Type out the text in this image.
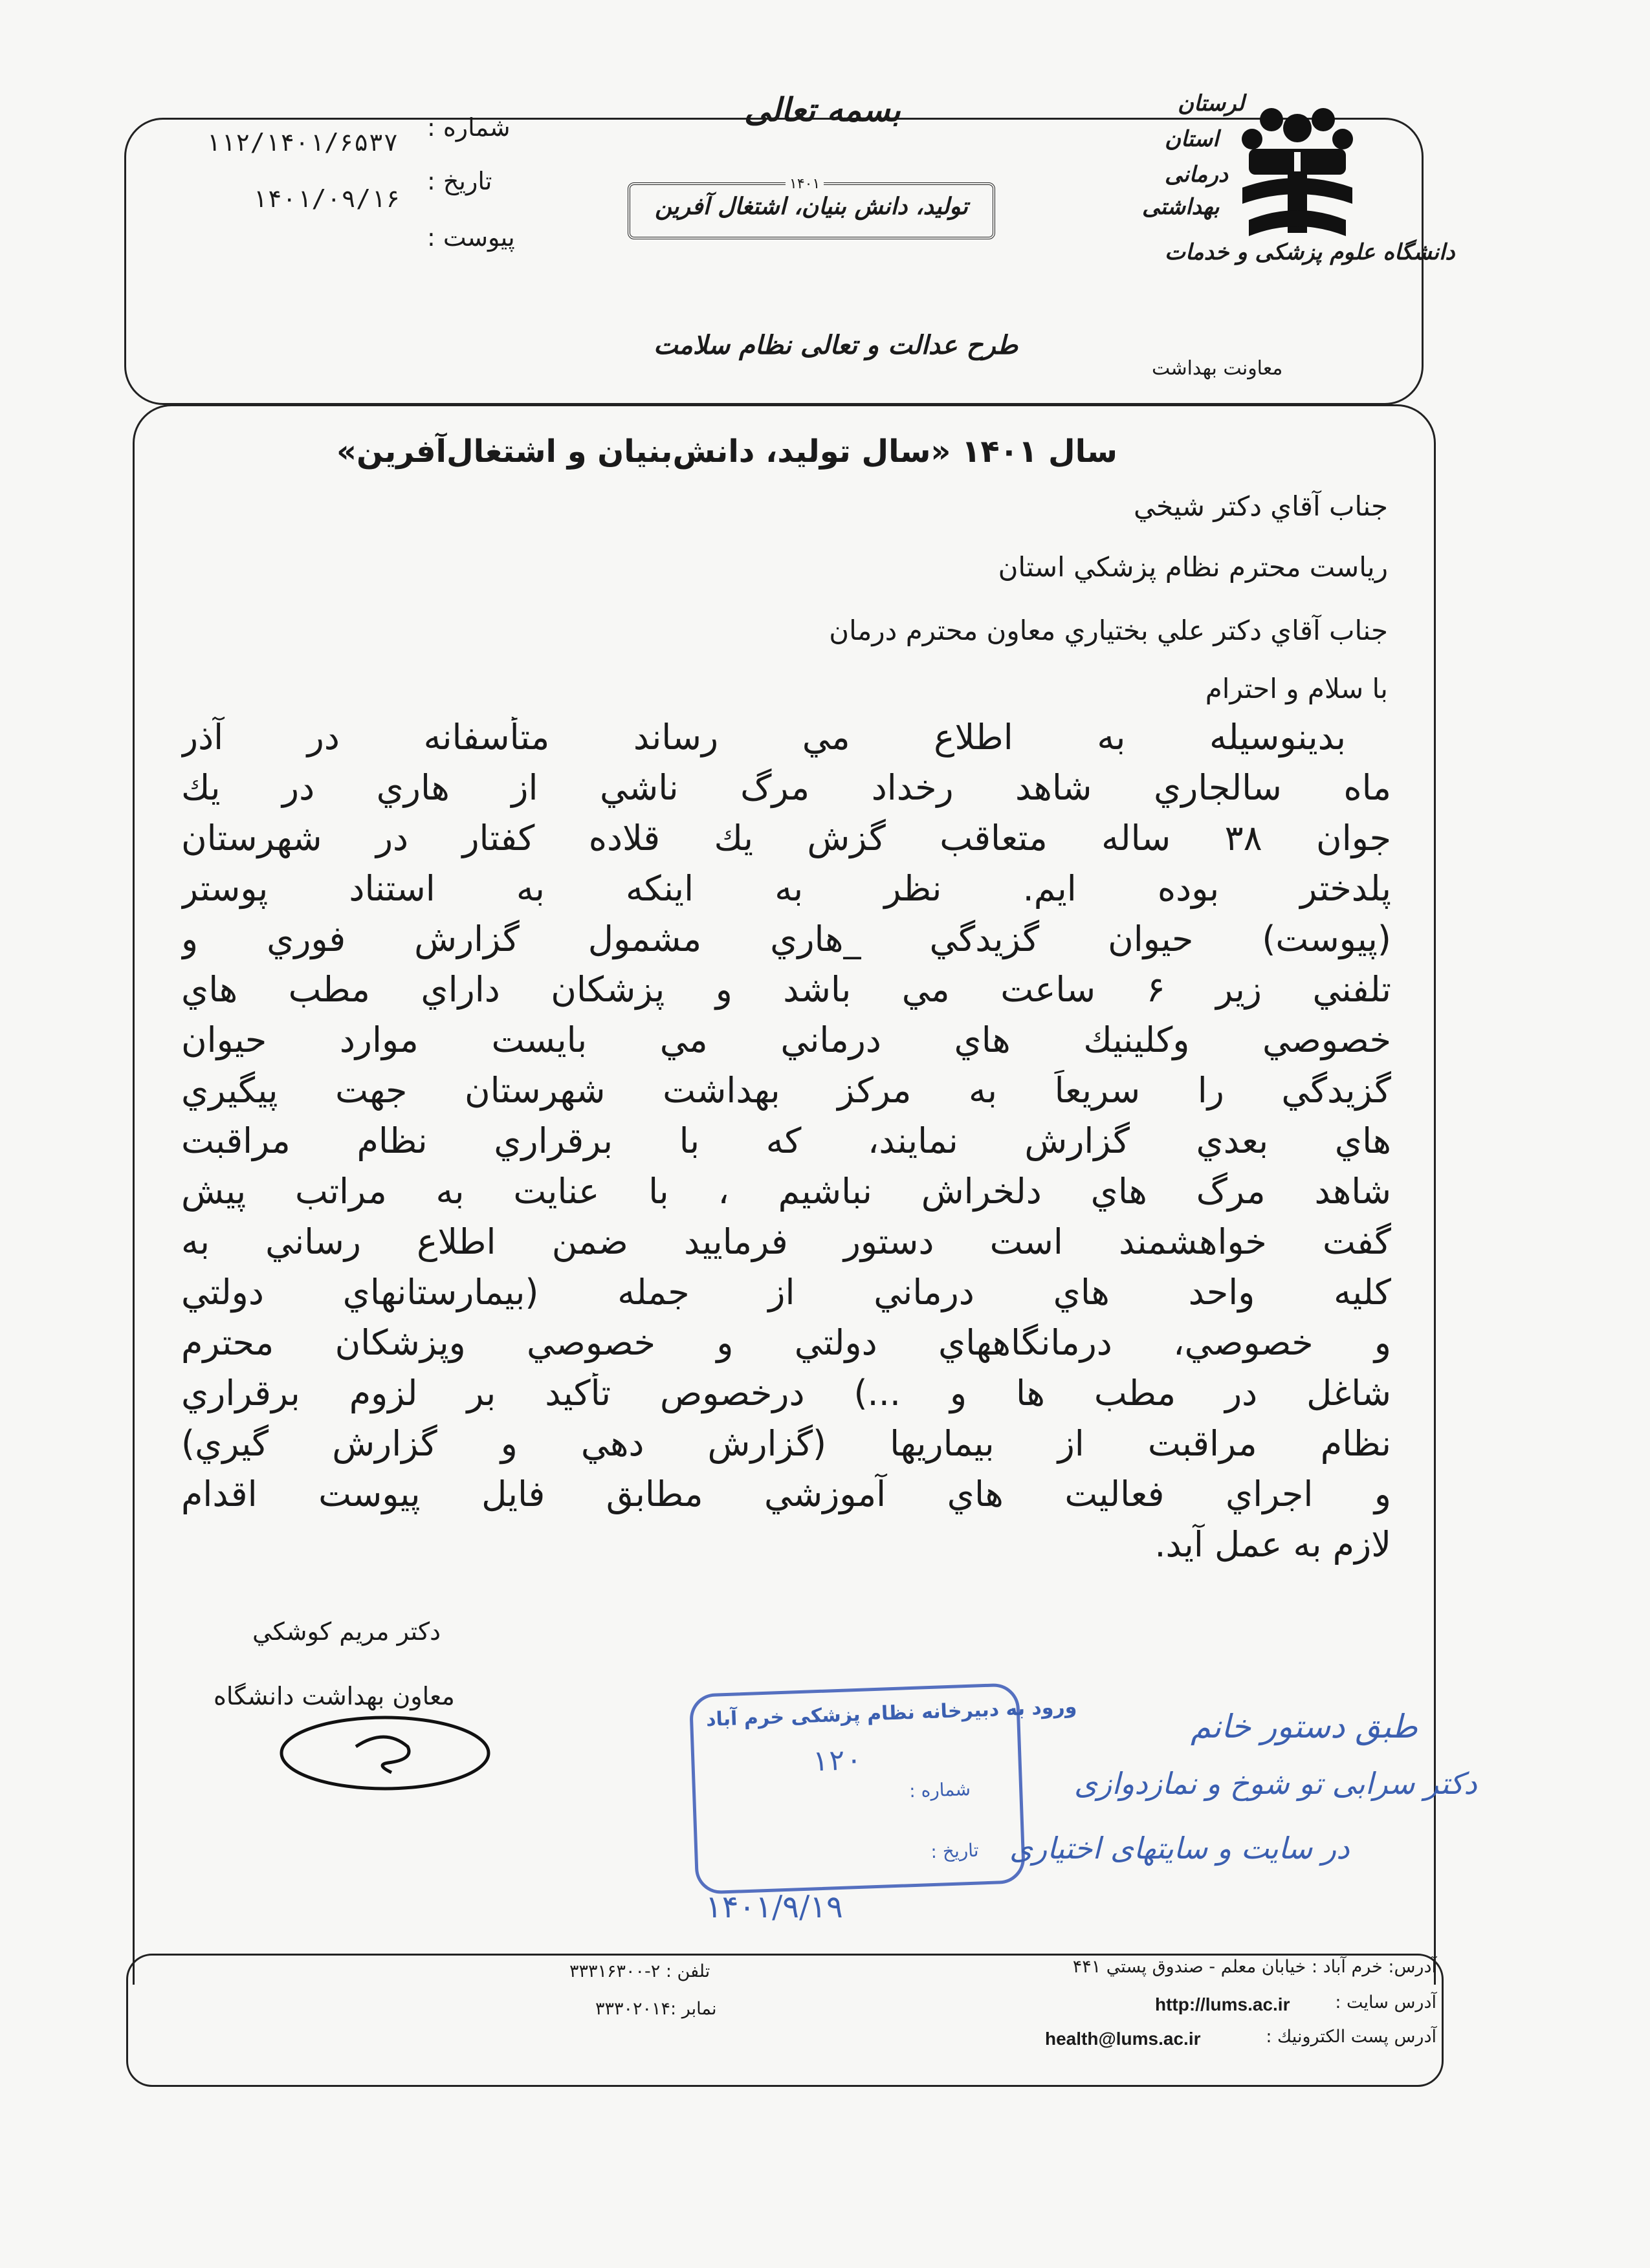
بسمه تعالی	لرستان
استان
درمانی
بهداشتی
دانشگاه علوم پزشکی و خدمات
۱۴۰۱
تولید، دانش بنیان، اشتغال آفرین
طرح عدالت و تعالی نظام سلامت
معاونت بهداشت
شماره :
۱۱۲/۱۴۰۱/۶۵۳۷
تاریخ :
۱۴۰۱/۰۹/۱۶
پیوست :
سال ۱۴۰۱ «سال تولید، دانش‌بنیان و اشتغال‌آفرین»
جناب آقاي دكتر شيخي
رياست محترم نظام پزشكي استان
جناب آقاي دكتر علي بختياري معاون محترم درمان
با سلام و احترام
بدينوسيله به اطلاع مي رساند متأسفانه در آذر
ماه سالجاري شاهد رخداد مرگ ناشي از هاري در يك
جوان ۳۸ ساله متعاقب گزش يك قلاده كفتار در شهرستان
پلدختر بوده ايم. نظر به اينكه به استناد پوستر
(پيوست) حيوان گزيدگي _هاري مشمول گزارش فوري و
تلفني زير ۶ ساعت مي باشد و پزشكان داراي مطب هاي
خصوصي وكلينيك هاي درماني مي بايست موارد حيوان
گزيدگي را سريعاً به مركز بهداشت شهرستان جهت پيگيري
هاي بعدي گزارش نمايند، كه با برقراري نظام مراقبت
شاهد مرگ هاي دلخراش نباشيم ، با عنايت به مراتب پيش
گفت خواهشمند است دستور فرماييد ضمن اطلاع رساني به
كليه واحد هاي درماني از جمله (بيمارستانهاي دولتي
و خصوصي، درمانگاههاي دولتي و خصوصي وپزشكان محترم
شاغل در مطب ها و ...) درخصوص تأكيد بر لزوم برقراري
نظام مراقبت از بيماريها (گزارش دهي و گزارش گيري)
و اجراي فعاليت هاي آموزشي مطابق فايل پيوست اقدام
لازم به عمل آيد.
دكتر مريم كوشكي
معاون بهداشت دانشگاه	ورود به دبیرخانه نظام پزشکی خرم آباد
شماره :
۱۲۰
تاریخ :
۱۴۰۱/۹/۱۹
طبق دستور خانم
دکتر سرابی تو شوخ و نمازدوازی
در سایت و سایتهای اختیاری
آدرس: خرم آباد : خيابان معلم - صندوق پستي ۴۴۱
تلفن : ۲-۳۳۳۱۶۳۰۰
آدرس سايت :
http://lums.ac.ir
نمابر :۳۳۳۰۲۰۱۴
آدرس پست الكترونيك :
health@lums.ac.ir
